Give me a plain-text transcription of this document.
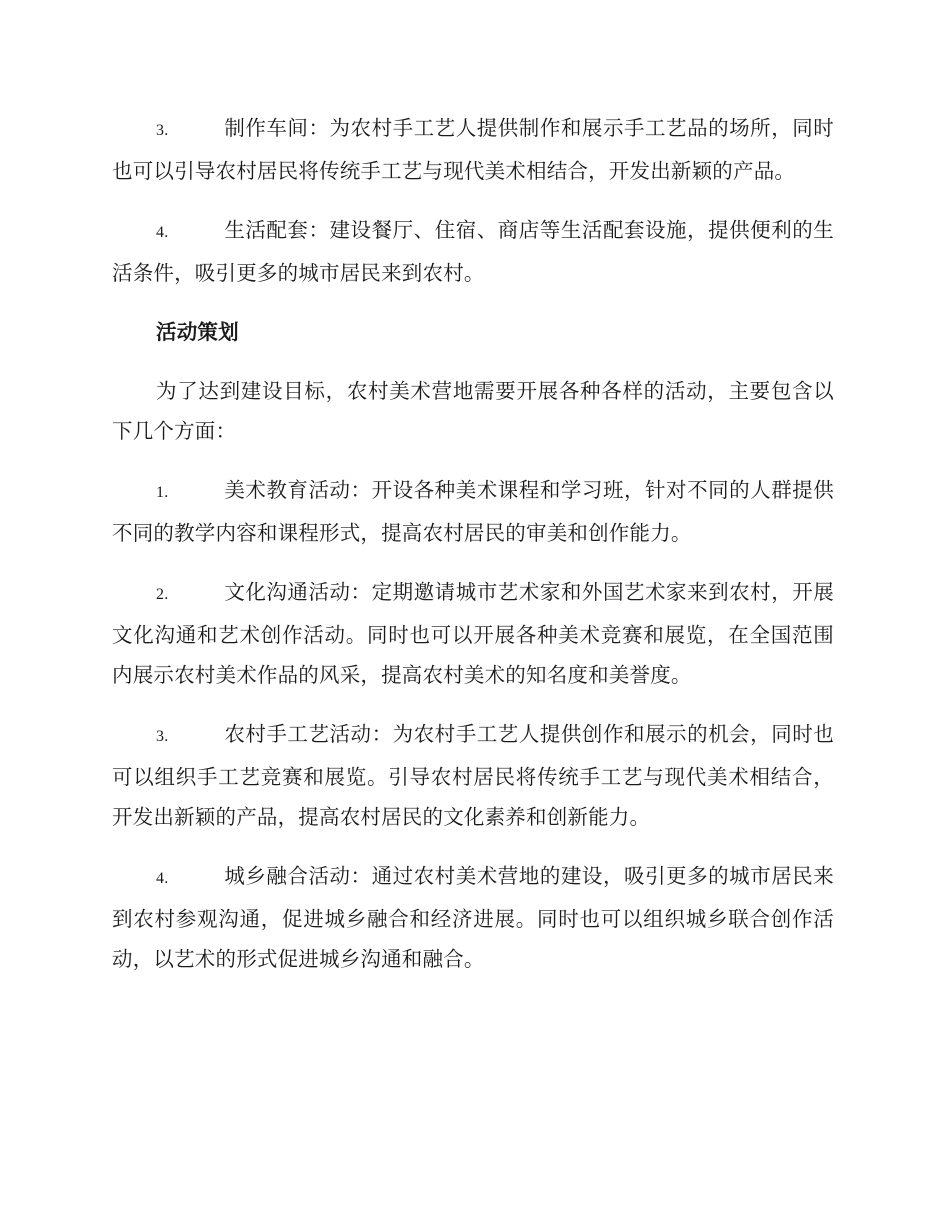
3.	制作车间：为农村手工艺人提供制作和展示手工艺品的场所，同时也可以引导农村居民将传统手工艺与现代美术相结合，开发出新颖的产品。

4.	生活配套：建设餐厅、住宿、商店等生活配套设施，提供便利的生活条件，吸引更多的城市居民来到农村。

活动策划

为了达到建设目标，农村美术营地需要开展各种各样的活动，主要包含以下几个方面：

1.	美术教育活动：开设各种美术课程和学习班，针对不同的人群提供不同的教学内容和课程形式，提高农村居民的审美和创作能力。

2.	文化沟通活动：定期邀请城市艺术家和外国艺术家来到农村，开展文化沟通和艺术创作活动。同时也可以开展各种美术竞赛和展览，在全国范围内展示农村美术作品的风采，提高农村美术的知名度和美誉度。

3.	农村手工艺活动：为农村手工艺人提供创作和展示的机会，同时也可以组织手工艺竞赛和展览。引导农村居民将传统手工艺与现代美术相结合，开发出新颖的产品，提高农村居民的文化素养和创新能力。

4.	城乡融合活动：通过农村美术营地的建设，吸引更多的城市居民来到农村参观沟通，促进城乡融合和经济进展。同时也可以组织城乡联合创作活动，以艺术的形式促进城乡沟通和融合。
